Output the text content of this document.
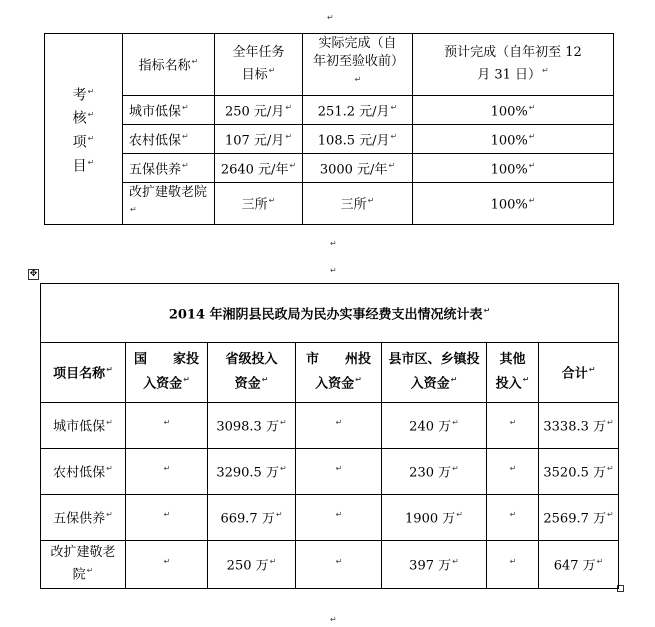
↵
↵
↵
↵
考↵
核↵
项↵
目↵	指标名称↵	全年任务目标↵	实际完成（自年初至验收前）↵	预计完成（自年初至 12 月 31 日）↵
	城市低保↵	250 元/月↵	251.2 元/月↵	100%↵
	农村低保↵	107 元/月↵	108.5 元/月↵	100%↵
	五保供养↵	2640 元/年↵	3000 元/年↵	100%↵
	改扩建敬老院↵	三所↵	三所↵	100%↵
✥
2014 年湘阴县民政局为民办实事经费支出情况统计表↵
项目名称↵	国　　家投入资金↵	省级投入资金↵	市　　州投入资金↵	县市区、乡镇投入资金↵	其他投入↵	合计↵
城市低保↵	↵	3098.3 万↵	↵	240 万↵	↵	3338.3 万↵
农村低保↵	↵	3290.5 万↵	↵	230 万↵	↵	3520.5 万↵
五保供养↵	↵	669.7 万↵	↵	1900 万↵	↵	2569.7 万↵
改扩建敬老院↵	↵	250 万↵	↵	397 万↵	↵	647 万↵
